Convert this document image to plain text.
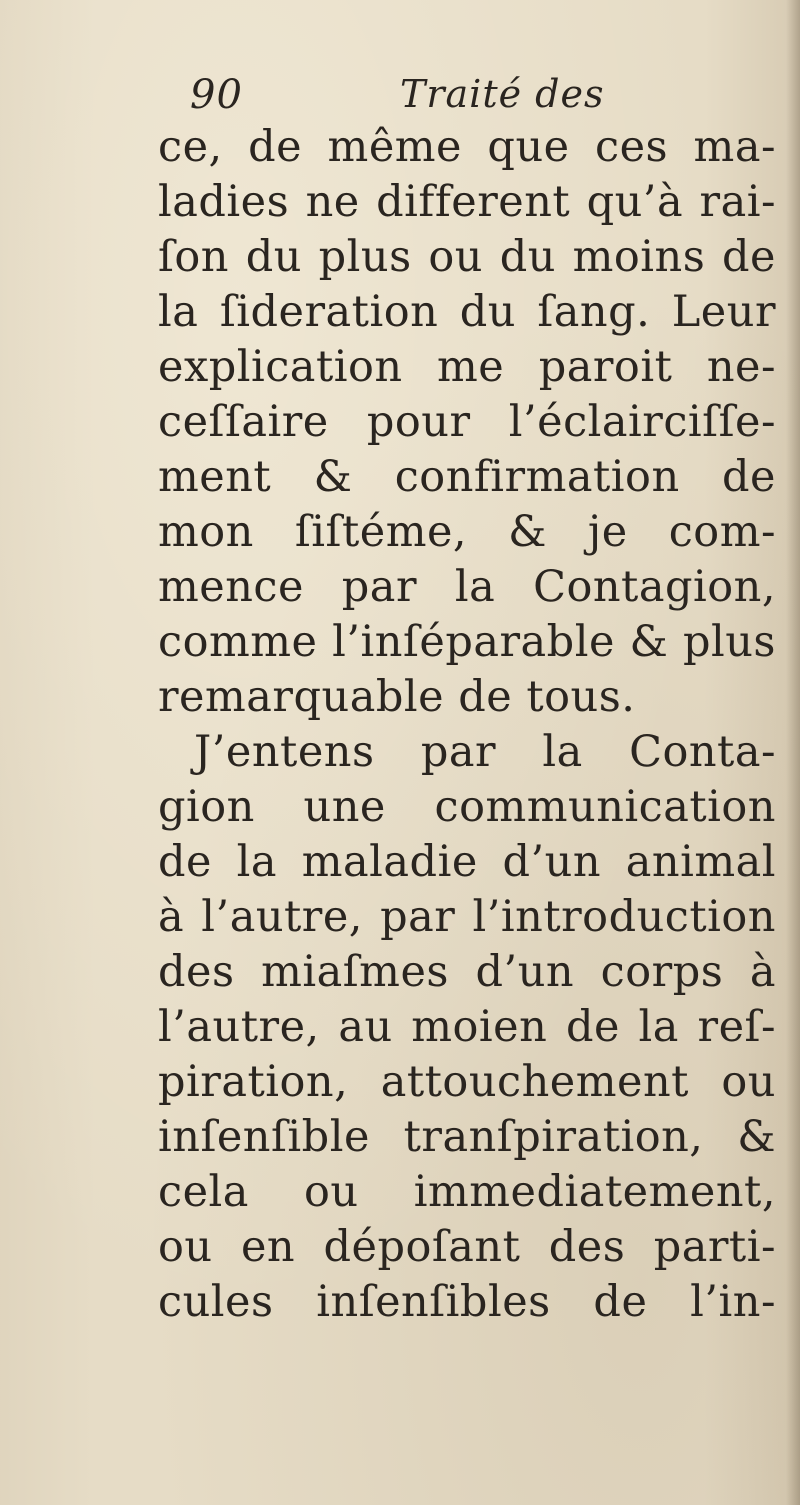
90	Traité des
ce, de même que ces ma-
ladies ne different qu’à rai-
ſon du plus ou du moins de
la ſideration du ſang. Leur
explication me paroit ne-
ceſſaire pour l’éclairciſſe-
ment & confirmation de
mon ſiſtéme, & je com-
mence par la Contagion,
comme l’inſéparable & plus
remarquable de tous.
J’entens par la Conta-
gion une communication
de la maladie d’un animal
à l’autre, par l’introduction
des miaſmes d’un corps à
l’autre, au moien de la reſ-
piration, attouchement ou
inſenſible tranſpiration, &
cela ou immediatement,
ou en dépoſant des parti-
cules inſenſibles de l’in-
